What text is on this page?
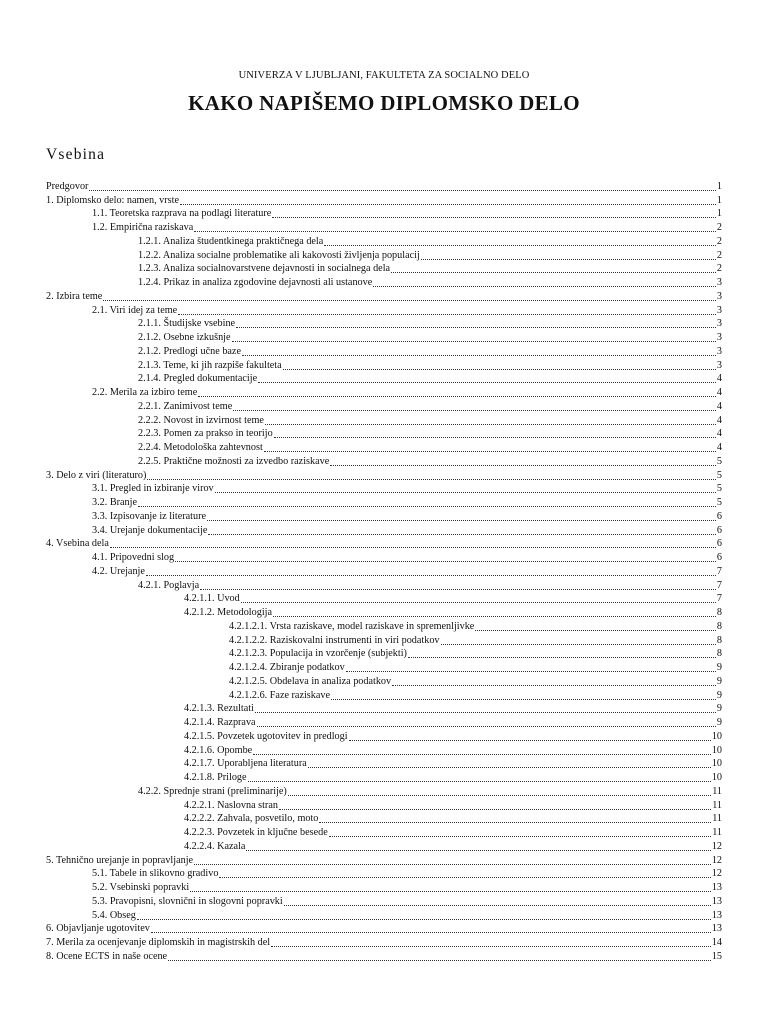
UNIVERZA V LJUBLJANI, FAKULTETA ZA SOCIALNO DELO
KAKO NAPIŠEMO DIPLOMSKO DELO
Vsebina
Predgovor	1
1. Diplomsko delo: namen, vrste	1
1.1. Teoretska razprava na podlagi literature	1
1.2. Empirična raziskava	2
1.2.1. Analiza študentkinega praktičnega dela	2
1.2.2. Analiza socialne problematike ali kakovosti življenja populacij	2
1.2.3. Analiza socialnovarstvene dejavnosti in socialnega dela	2
1.2.4. Prikaz in analiza zgodovine dejavnosti ali ustanove	3
2. Izbira teme	3
2.1. Viri idej za teme	3
2.1.1. Študijske vsebine	3
2.1.2. Osebne izkušnje	3
2.1.2. Predlogi učne baze	3
2.1.3. Teme, ki jih razpiše fakulteta	3
2.1.4. Pregled dokumentacije	4
2.2. Merila za izbiro teme	4
2.2.1. Zanimivost teme	4
2.2.2. Novost in izvirnost teme	4
2.2.3. Pomen za prakso in teorijo	4
2.2.4. Metodološka zahtevnost	4
2.2.5. Praktične možnosti za izvedbo raziskave	5
3. Delo z viri (literaturo)	5
3.1. Pregled in izbiranje virov	5
3.2. Branje	5
3.3. Izpisovanje iz literature	6
3.4. Urejanje dokumentacije	6
4. Vsebina dela	6
4.1. Pripovedni slog	6
4.2. Urejanje	7
4.2.1. Poglavja	7
4.2.1.1. Uvod	7
4.2.1.2. Metodologija	8
4.2.1.2.1. Vrsta raziskave, model raziskave in spremenljivke	8
4.2.1.2.2. Raziskovalni instrumenti in viri podatkov	8
4.2.1.2.3. Populacija in vzorčenje (subjekti)	8
4.2.1.2.4. Zbiranje podatkov	9
4.2.1.2.5. Obdelava in analiza podatkov	9
4.2.1.2.6. Faze raziskave	9
4.2.1.3. Rezultati	9
4.2.1.4. Razprava	9
4.2.1.5. Povzetek ugotovitev in predlogi	10
4.2.1.6. Opombe	10
4.2.1.7. Uporabljena literatura	10
4.2.1.8. Priloge	10
4.2.2. Sprednje strani (preliminarije)	11
4.2.2.1. Naslovna stran	11
4.2.2.2. Zahvala, posvetilo, moto	11
4.2.2.3. Povzetek in ključne besede	11
4.2.2.4. Kazala	12
5. Tehnično urejanje in popravljanje	12
5.1. Tabele in slikovno gradivo	12
5.2. Vsebinski popravki	13
5.3. Pravopisni, slovnični in slogovni popravki	13
5.4. Obseg	13
6. Objavljanje ugotovitev	13
7. Merila za ocenjevanje diplomskih in magistrskih del	14
8. Ocene ECTS in naše ocene	15
